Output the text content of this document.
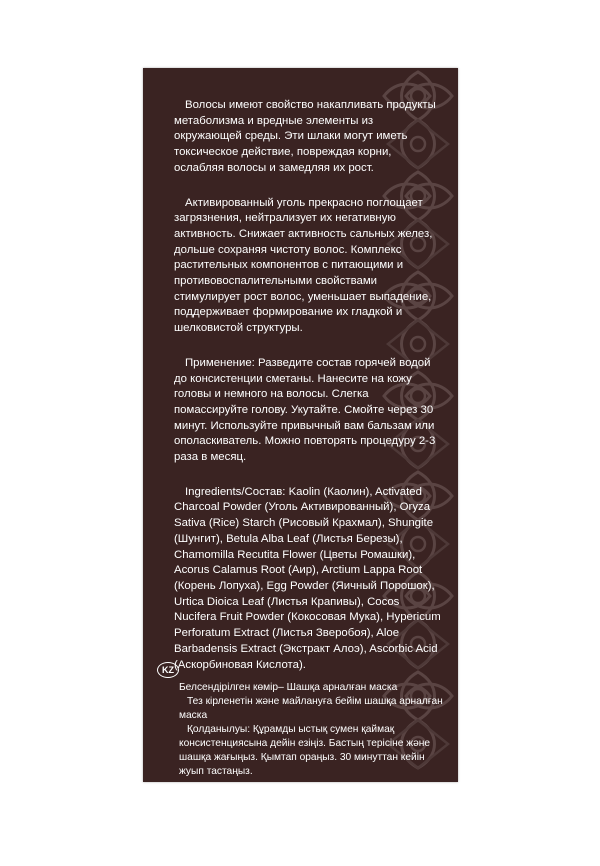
Волосы имеют свойство накапливать продукты метаболизма и вредные элементы из окружающей среды. Эти шлаки могут иметь токсическое действие, повреждая корни, ослабляя волосы и замедляя их рост.

Активированный уголь прекрасно поглощает загрязнения, нейтрализует их негативную активность. Снижает активность сальных желез, дольше сохраняя чистоту волос. Комплекс растительных компонентов с питающими и противовоспалительными свойствами стимулирует рост волос, уменьшает выпадение, поддерживает формирование их гладкой и шелковистой структуры.

Применение: Разведите состав горячей водой до консистенции сметаны. Нанесите на кожу головы и немного на волосы. Слегка помассируйте голову. Укутайте. Смойте через 30 минут. Используйте привычный вам бальзам или ополаскиватель. Можно повторять процедуру 2-3 раза в месяц.

Ingredients/Состав: Kaolin (Каолин), Activated Charcoal Powder (Уголь Активированный), Oryza Sativa (Rice) Starch (Рисовый Крахмал), Shungite (Шунгит), Betula Alba Leaf (Листья Березы), Chamomilla Recutita Flower (Цветы Ромашки), Acorus Calamus Root (Аир), Arctium Lappa Root (Корень Лопуха), Egg Powder (Яичный Порошок), Urtica Dioica Leaf (Листья Крапивы), Cocos Nucifera Fruit Powder (Кокосовая Мука), Hypericum Perforatum Extract (Листья Зверобоя), Aloe Barbadensis Extract (Экстракт Алоэ), Ascorbic Acid (Аскорбиновая Кислота).

KZ

Белсендірілген көмір– Шашқа арналған маска

Тез кірленетін және майлануға бейім шашқа арналған маска

Қолданылуы: Құрамды ыстық сумен қаймақ консистенциясына дейін езіңіз. Бастың терісіне және шашқа жағыңыз. Қымтап ораңыз. 30 минуттан кейін жуып тастаңыз.
